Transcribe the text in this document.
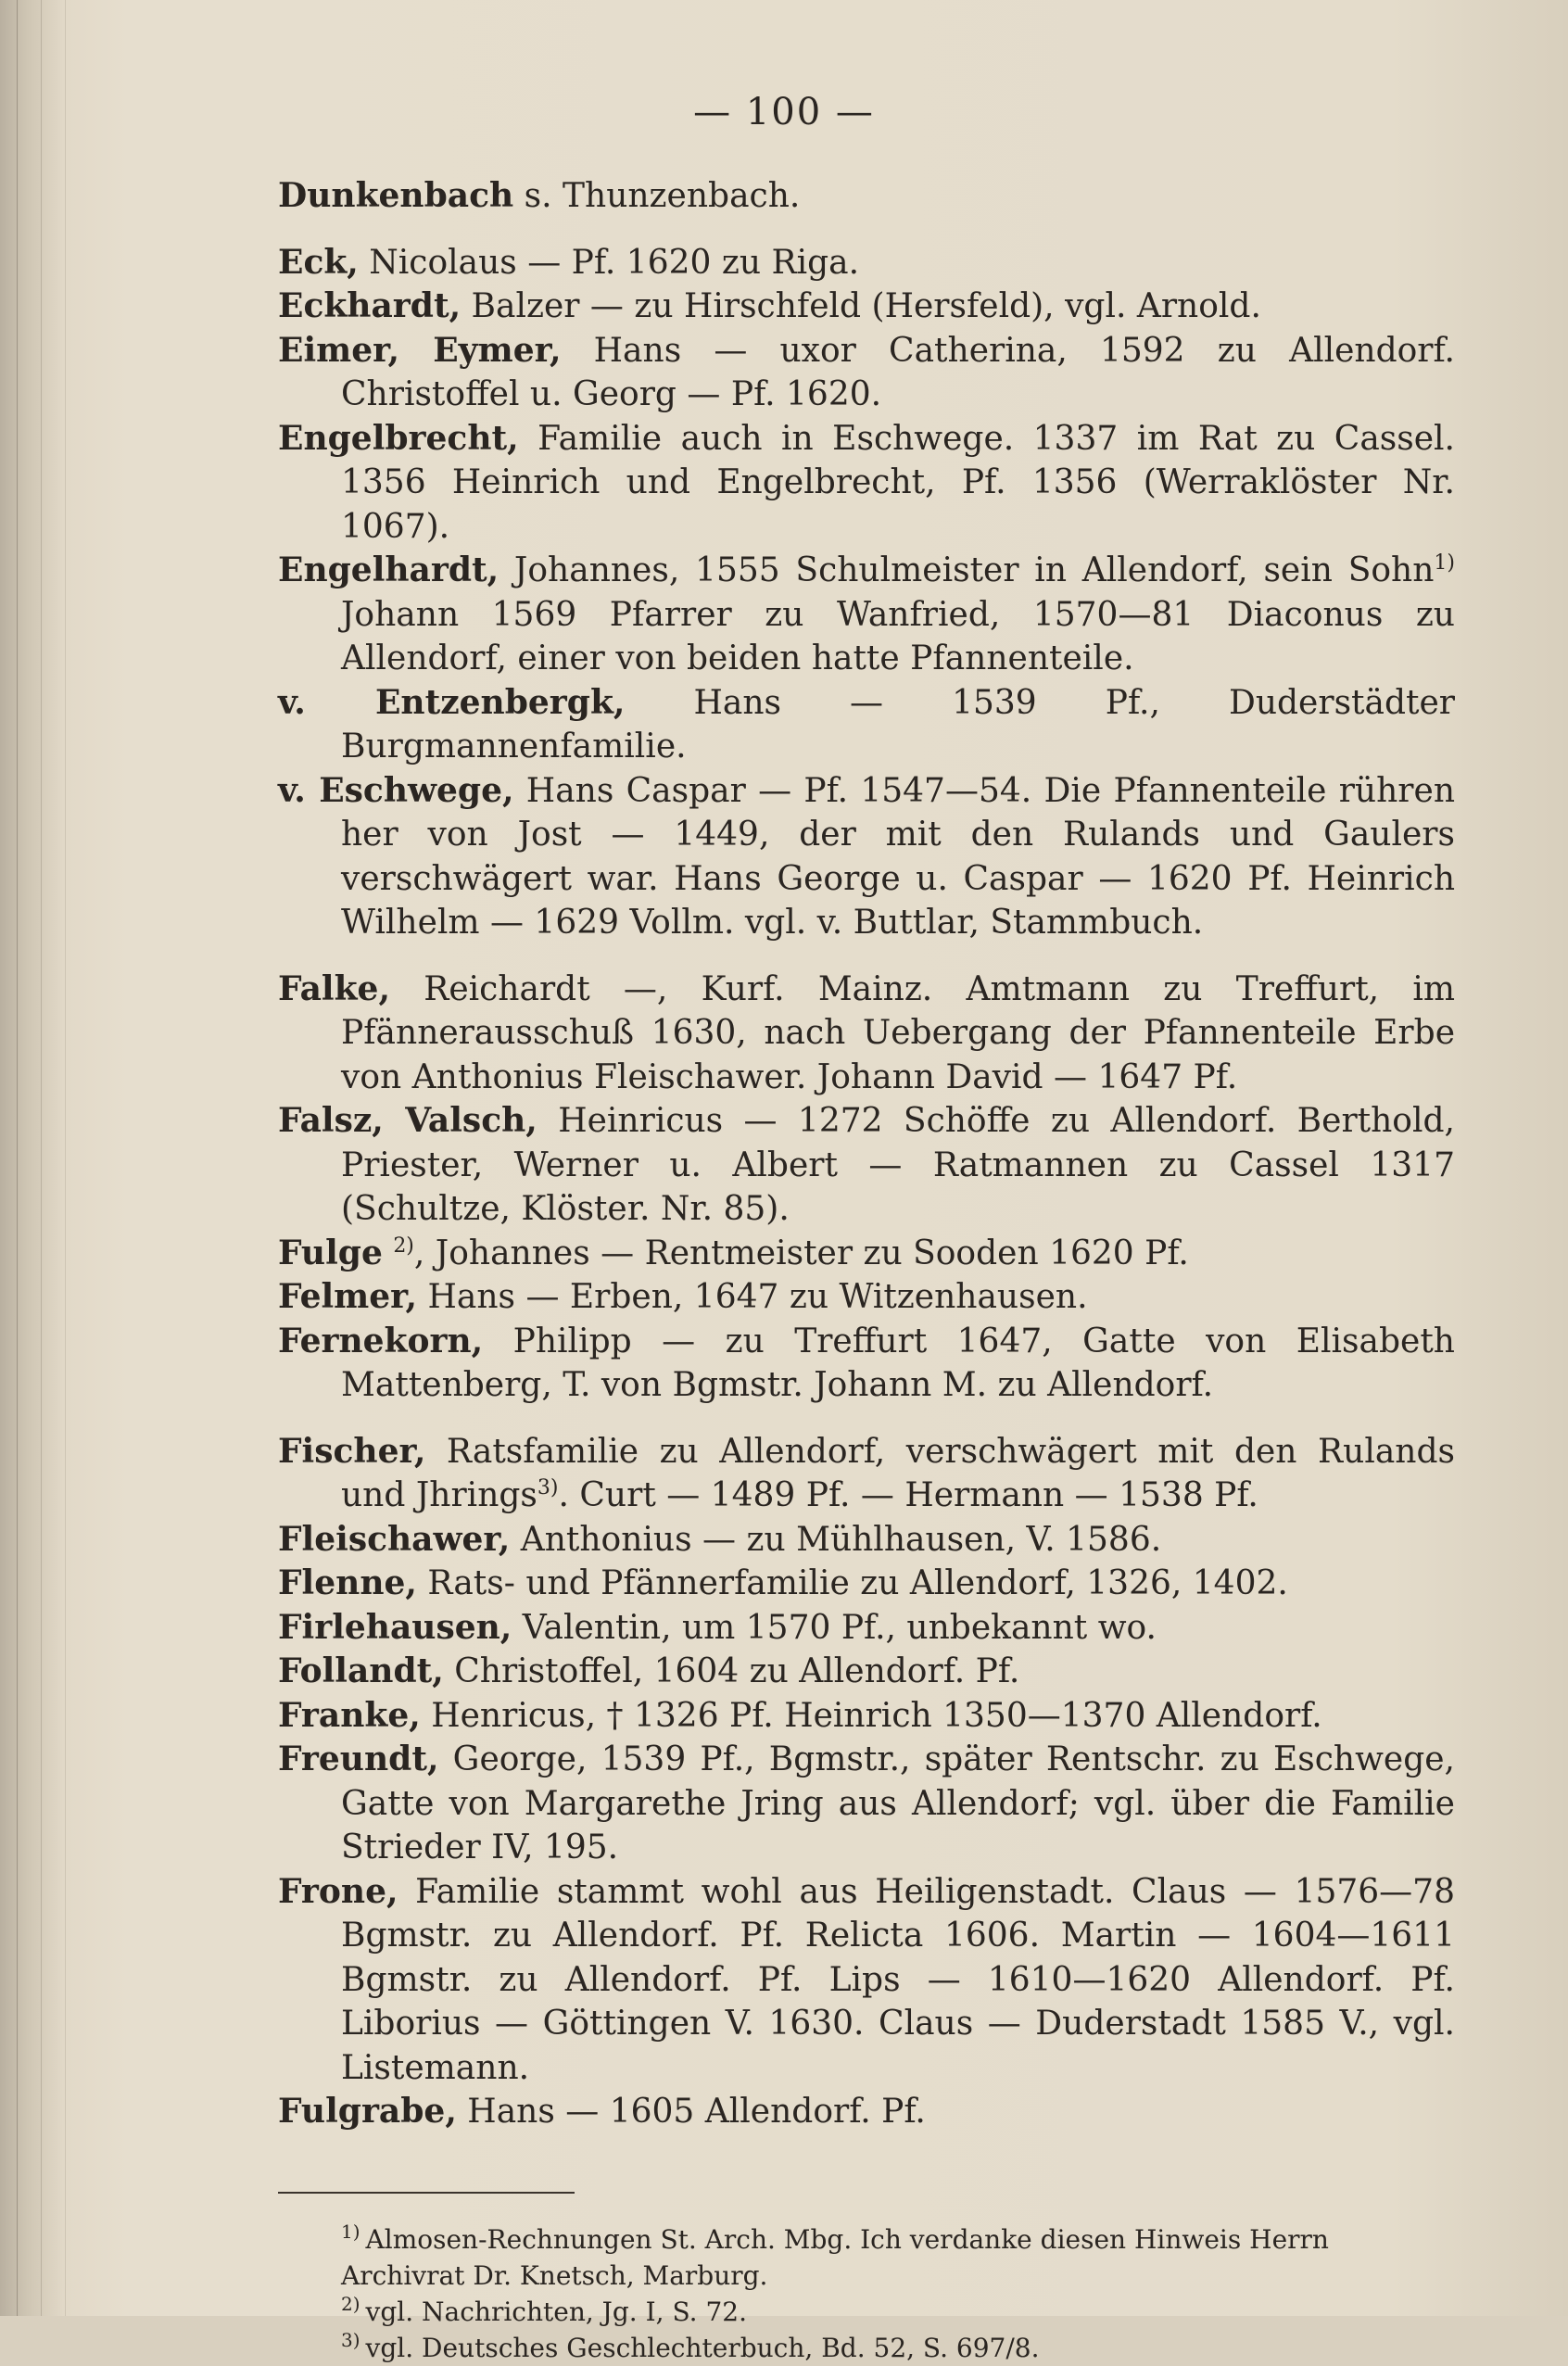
— 100 —
Dunkenbach s. Thunzenbach.
Eck, Nicolaus — Pf. 1620 zu Riga.
Eckhardt, Balzer — zu Hirschfeld (Hersfeld), vgl. Arnold.
Eimer, Eymer, Hans — uxor Catherina, 1592 zu Allendorf. Christoffel u. Georg — Pf. 1620.
Engelbrecht, Familie auch in Eschwege. 1337 im Rat zu Cassel. 1356 Heinrich und Engelbrecht, Pf. 1356 (Werraklöster Nr. 1067).
Engelhardt, Johannes, 1555 Schulmeister in Allendorf, sein Sohn$^{1)}$ Johann 1569 Pfarrer zu Wanfried, 1570—81 Diaconus zu Allendorf, einer von beiden hatte Pfannenteile.
v. Entzenbergk, Hans — 1539 Pf., Duderstädter Burgmannenfamilie.
v. Eschwege, Hans Caspar — Pf. 1547—54. Die Pfannenteile rühren her von Jost — 1449, der mit den Rulands und Gaulers verschwägert war. Hans George u. Caspar — 1620 Pf. Heinrich Wilhelm — 1629 Vollm. vgl. v. Buttlar, Stammbuch.
Falke, Reichardt —, Kurf. Mainz. Amtmann zu Treffurt, im Pfännerausschuß 1630, nach Uebergang der Pfannenteile Erbe von Anthonius Fleischawer. Johann David — 1647 Pf.
Falsz, Valsch, Heinricus — 1272 Schöffe zu Allendorf. Berthold, Priester, Werner u. Albert — Ratmannen zu Cassel 1317 (Schultze, Klöster. Nr. 85).
Fulge $^{2)}$, Johannes — Rentmeister zu Sooden 1620 Pf.
Felmer, Hans — Erben, 1647 zu Witzenhausen.
Fernekorn, Philipp — zu Treffurt 1647, Gatte von Elisabeth Mattenberg, T. von Bgmstr. Johann M. zu Allendorf.
Fischer, Ratsfamilie zu Allendorf, verschwägert mit den Rulands und Jhrings$^{3)}$. Curt — 1489 Pf. — Hermann — 1538 Pf.
Fleischawer, Anthonius — zu Mühlhausen, V. 1586.
Flenne, Rats- und Pfännerfamilie zu Allendorf, 1326, 1402.
Firlehausen, Valentin, um 1570 Pf., unbekannt wo.
Follandt, Christoffel, 1604 zu Allendorf. Pf.
Franke, Henricus, † 1326 Pf. Heinrich 1350—1370 Allendorf.
Freundt, George, 1539 Pf., Bgmstr., später Rentschr. zu Eschwege, Gatte von Margarethe Jring aus Allendorf; vgl. über die Familie Strieder IV, 195.
Frone, Familie stammt wohl aus Heiligenstadt. Claus — 1576—78 Bgmstr. zu Allendorf. Pf. Relicta 1606. Martin — 1604—1611 Bgmstr. zu Allendorf. Pf. Lips — 1610—1620 Allendorf. Pf. Liborius — Göttingen V. 1630. Claus — Duderstadt 1585 V., vgl. Listemann.
Fulgrabe, Hans — 1605 Allendorf. Pf.
$^{1)}$ Almosen-Rechnungen St. Arch. Mbg. Ich verdanke diesen Hinweis Herrn Archivrat Dr. Knetsch, Marburg.
$^{2)}$ vgl. Nachrichten, Jg. I, S. 72.
$^{3)}$ vgl. Deutsches Geschlechterbuch, Bd. 52, S. 697/8.
